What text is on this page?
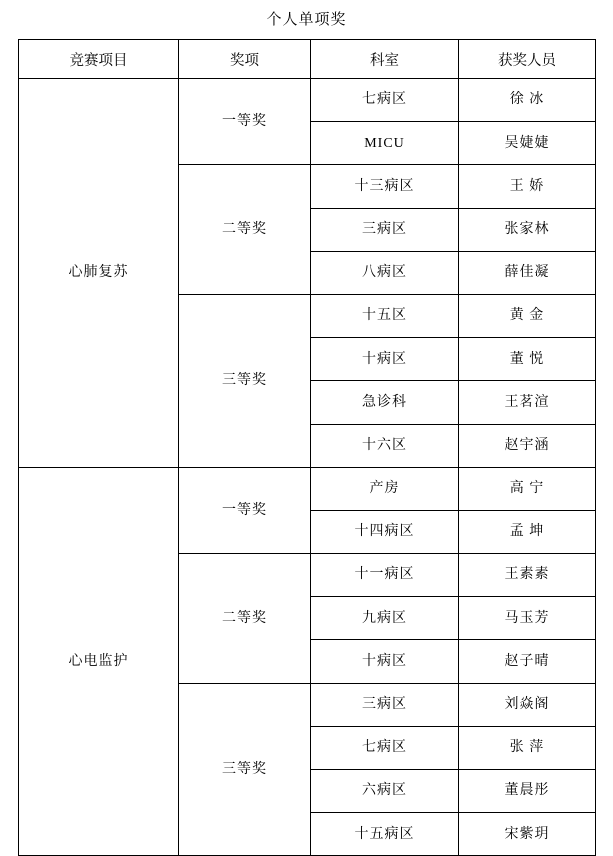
个人单项奖
竞赛项目	奖项	科室	获奖人员
心肺复苏	一等奖	七病区	徐 冰
		MICU	吴婕婕
	二等奖	十三病区	王 娇
		三病区	张家林
		八病区	薛佳凝
	三等奖	十五区	黄 金
		十病区	董 悦
		急诊科	王茗渲
		十六区	赵宇涵
心电监护	一等奖	产房	高 宁
		十四病区	孟 坤
	二等奖	十一病区	王素素
		九病区	马玉芳
		十病区	赵子晴
	三等奖	三病区	刘焱阁
		七病区	张 萍
		六病区	董晨彤
		十五病区	宋紫玥
